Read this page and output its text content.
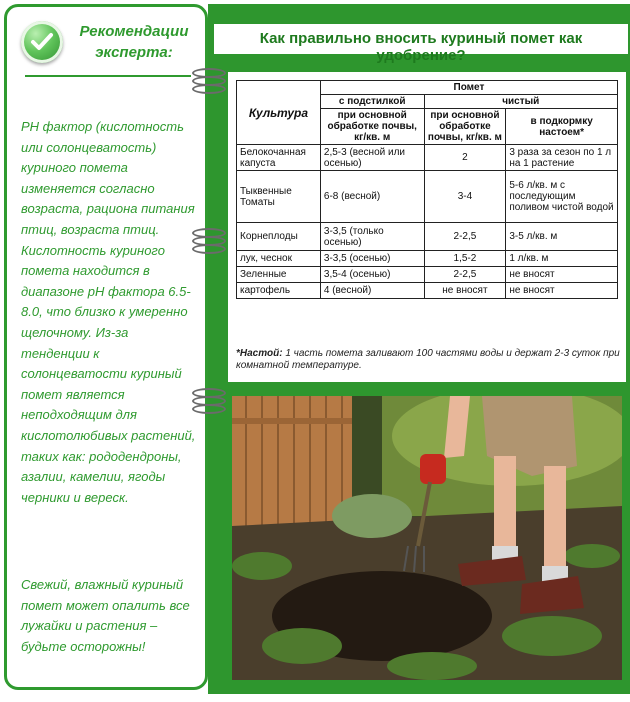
Рекомендации
эксперта:
РН фактор (кислотность или солонцеватость) куриного помета изменяется согласно возраста, рациона питания птиц, возраста птиц. Кислотность куриного помета находится в диапазоне pH фактора 6.5-8.0, что близко к умеренно щелочному. Из-за тенденции к солонцеватости куриный помет является неподходящим для кислотолюбивых растений, таких как: рододендроны, азалии, камелии, ягоды черники и вереск.
Свежий, влажный куриный помет может опалить все лужайки и растения – будьте осторожны!
Как правильно вносить куриный помет как удобрение?
Культура	Помет		
	с подстилкой	чистый	
	при основной обработке почвы, кг/кв. м	при основной обработке почвы, кг/кв. м	в подкормку настоем*
Белокочанная капуста	2,5-3 (весной или осенью)	2	3 раза за сезон по 1 л на 1 растение
Тыквенные Томаты	6-8 (весной)	3-4	5-6 л/кв. м с последующим поливом чистой водой
Корнеплоды	3-3,5 (только осенью)	2-2,5	3-5 л/кв. м
лук, чеснок	3-3,5 (осенью)	1,5-2	1 л/кв. м
Зеленные	3,5-4 (осенью)	2-2,5	не вносят
картофель	4 (весной)	не вносят	не вносят
*Настой: 1 часть помета заливают 100 частями воды и держат 2-3 суток при комнатной температуре.
